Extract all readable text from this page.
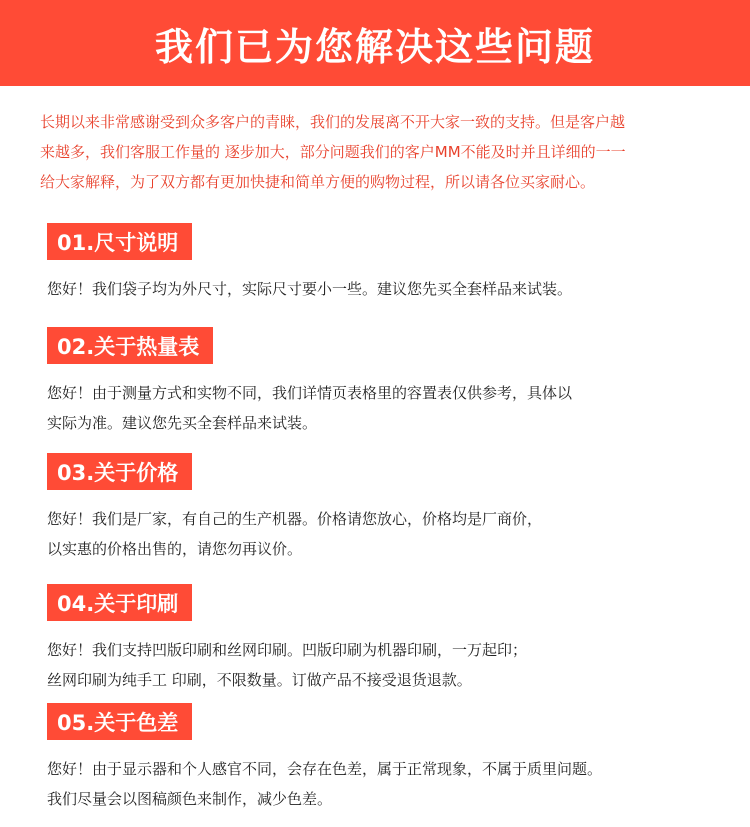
我们已为您解决这些问题

长期以来非常感谢受到众多客户的青睐，我们的发展离不开大家一致的支持。但是客户越

来越多，我们客服工作量的 逐步加大，部分问题我们的客户MM不能及时并且详细的一一

给大家解释，为了双方都有更加快捷和简单方便的购物过程，所以请各位买家耐心。

01.尺寸说明

您好！我们袋子均为外尺寸，实际尺寸要小一些。建议您先买全套样品来试装。

02.关于热量表

您好！由于测量方式和实物不同，我们详情页表格里的容置表仅供参考，具体以

实际为准。建议您先买全套样品来试装。

03.关于价格

您好！我们是厂家，有自己的生产机器。价格请您放心，价格均是厂商价，

以实惠的价格出售的，请您勿再议价。

04.关于印刷

您好！我们支持凹版印刷和丝网印刷。凹版印刷为机器印刷，一万起印；

丝网印刷为纯手工 印刷，不限数量。订做产品不接受退货退款。

05.关于色差

您好！由于显示器和个人感官不同，会存在色差，属于正常现象，不属于质里问题。

我们尽量会以图稿颜色来制作，减少色差。
